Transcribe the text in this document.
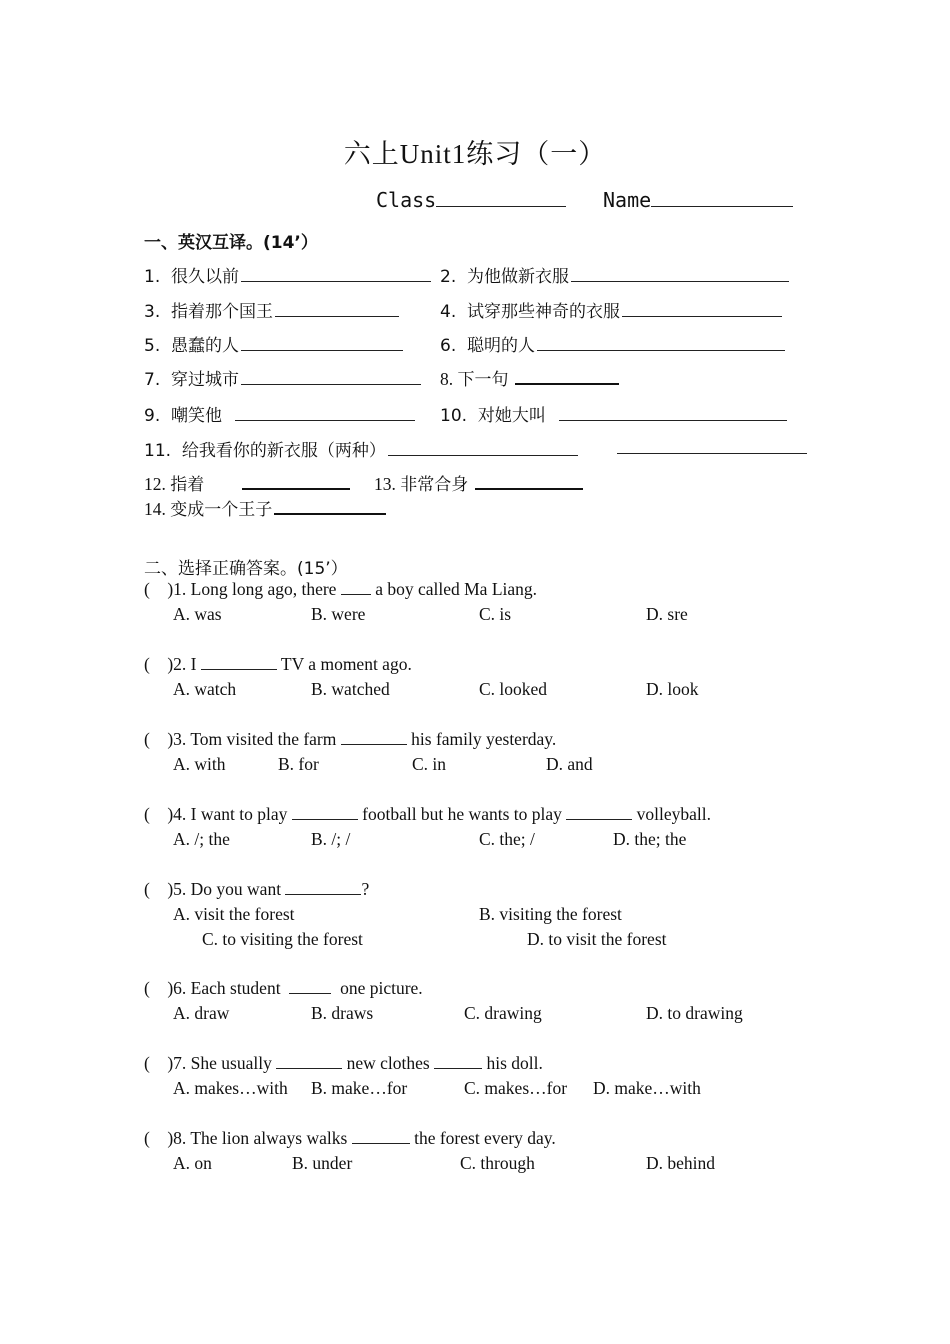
六上Unit1练习（一）
Class	Name
一、英汉互译。(14’）
1. 很久以前	2. 为他做新衣服
3. 指着那个国王	4. 试穿那些神奇的衣服
5. 愚蠢的人	6. 聪明的人
7. 穿过城市	8. 下一句
9. 嘲笑他	10. 对她大叫
11. 给我看你的新衣服（两种）
12. 指着	13. 非常合身
14. 变成一个王子
二、选择正确答案。(15’）
(    )1. Long long ago, there a boy called Ma Liang.
A. was	B. were	C. is	D. sre
(    )2. I	TV a moment ago.
A. watch	B. watched	C. looked	D. look
(    )3. Tom visited the farm	his family yesterday.
A. with	B. for	C. in	D. and
(    )4. I want to play	football but he wants to play	volleyball.
A. /; the	B. /; /	C. the; /	D. the; the
(    )5. Do you want	?
A. visit the forest	B. visiting the forest
C. to visiting the forest	D. to visit the forest
(    )6. Each student	one picture.
A. draw	B. draws	C. drawing	D. to drawing
(    )7. She usually	new clothes	his doll.
A. makes…with B. make…for	C. makes…for D. make…with
(    )8. The lion always walks	the forest every day.
A. on	B. under	C. through	D. behind
